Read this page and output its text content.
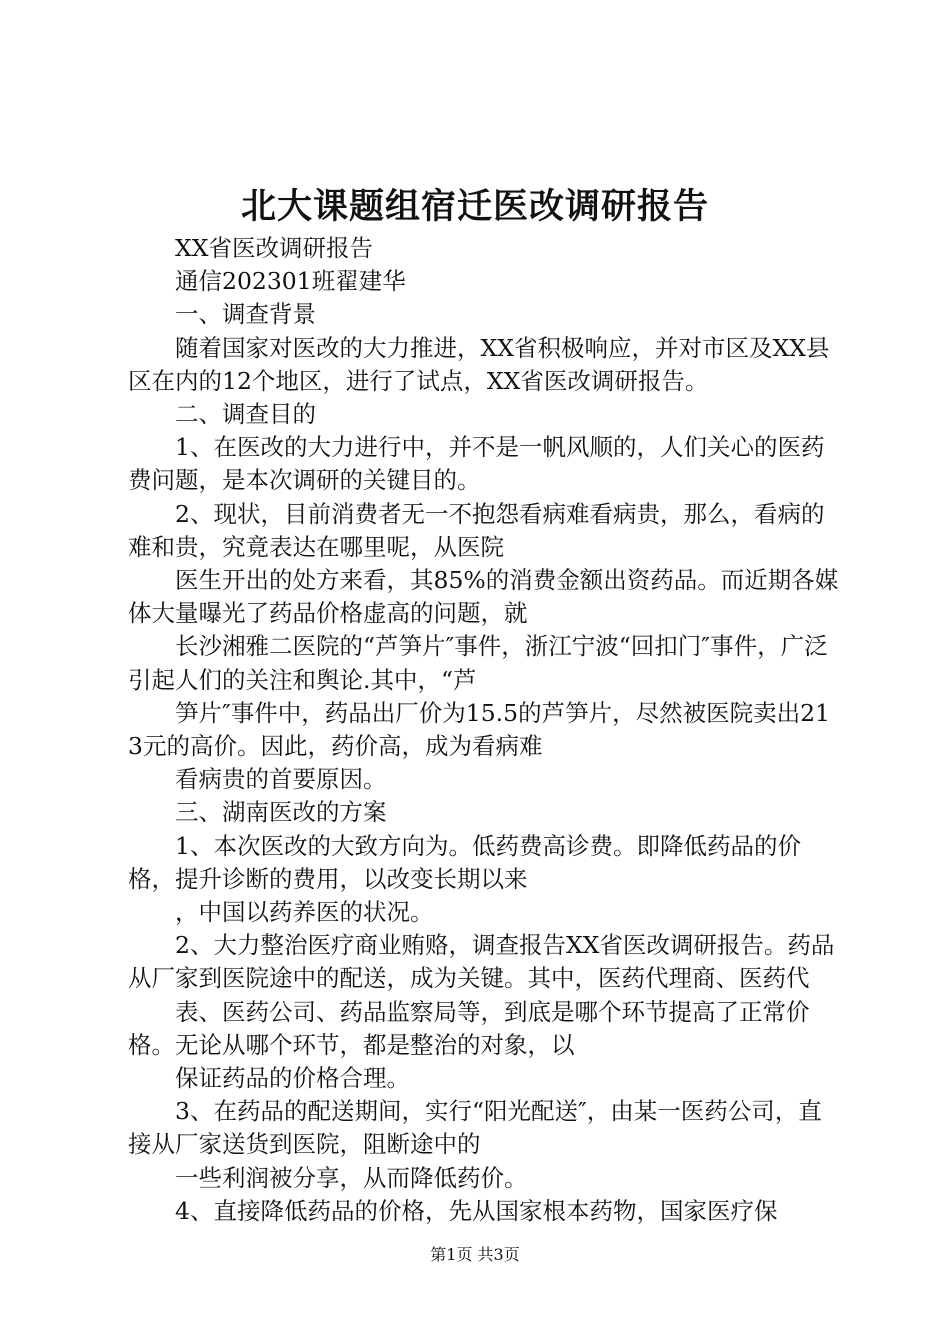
北大课题组宿迁医改调研报告

XX省医改调研报告

通信202301班翟建华

一、调查背景

随着国家对医改的大力推进，XX省积极响应，并对市区及XX县区在内的12个地区，进行了试点，XX省医改调研报告。

二、调查目的

1、在医改的大力进行中，并不是一帆风顺的，人们关心的医药费问题，是本次调研的关键目的。

2、现状，目前消费者无一不抱怨看病难看病贵，那么，看病的难和贵，究竟表达在哪里呢，从医院

医生开出的处方来看，其85%的消费金额出资药品。而近期各媒体大量曝光了药品价格虚高的问题，就

长沙湘雅二医院的“芦笋片″事件，浙江宁波“回扣门″事件，广泛引起人们的关注和舆论.其中，“芦

笋片″事件中，药品出厂价为15.5的芦笋片，尽然被医院卖出213元的高价。因此，药价高，成为看病难

看病贵的首要原因。

三、湖南医改的方案

1、本次医改的大致方向为。低药费高诊费。即降低药品的价格，提升诊断的费用，以改变长期以来

，中国以药养医的状况。

2、大力整治医疗商业贿赂，调查报告XX省医改调研报告。药品从厂家到医院途中的配送，成为关键。其中，医药代理商、医药代

表、医药公司、药品监察局等，到底是哪个环节提高了正常价格。无论从哪个环节，都是整治的对象，以

保证药品的价格合理。

3、在药品的配送期间，实行“阳光配送″，由某一医药公司，直接从厂家送货到医院，阻断途中的

一些利润被分享，从而降低药价。

4、直接降低药品的价格，先从国家根本药物，国家医疗保

第1页 共3页
